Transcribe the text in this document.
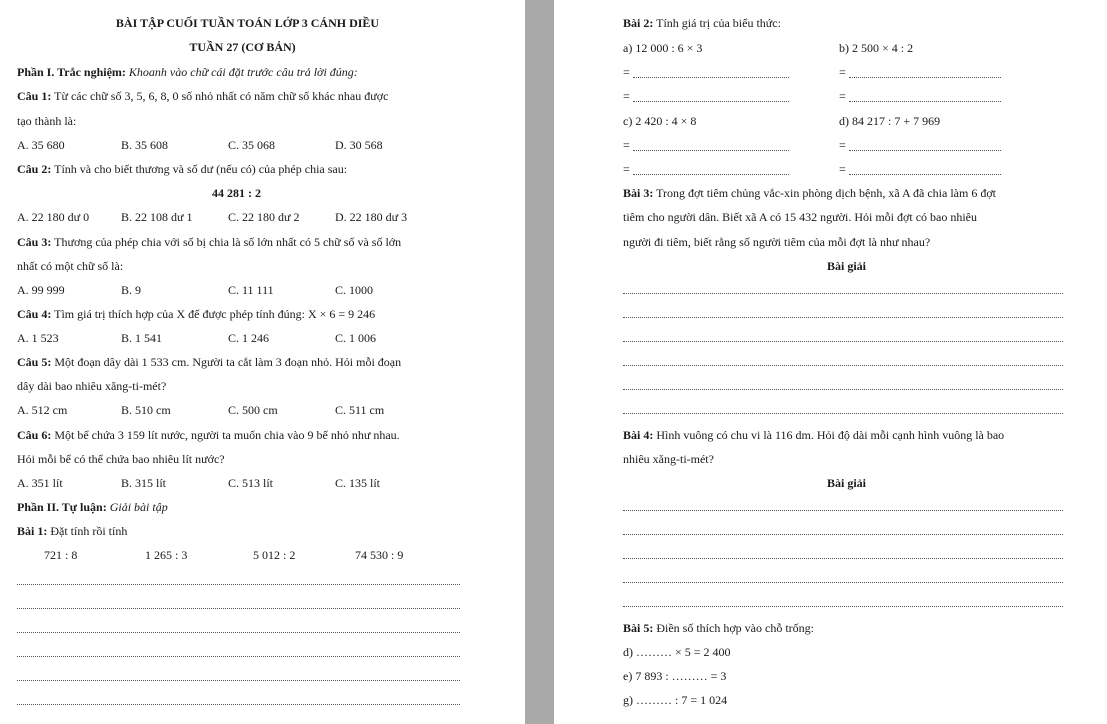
BÀI TẬP CUỐI TUẦN TOÁN LỚP 3 CÁNH DIỀU
TUẦN 27 (CƠ BẢN)
Phần I. Trắc nghiệm: Khoanh vào chữ cái đặt trước câu trả lời đúng:
Câu 1: Từ các chữ số 3, 5, 6, 8, 0 số nhỏ nhất có năm chữ số khác nhau được
tạo thành là:
A. 35 680	B. 35 608	C. 35 068	D. 30 568
Câu 2: Tính và cho biết thương và số dư (nếu có) của phép chia sau:
44 281 : 2
A. 22 180 dư 0	B. 22 108 dư 1	C. 22 180 dư 2	D. 22 180 dư 3
Câu 3: Thương của phép chia với số bị chia là số lớn nhất có 5 chữ số và số lớn
nhất có một chữ số là:
A. 99 999	B. 9	C. 11 111	C. 1000
Câu 4: Tìm giá trị thích hợp của X để được phép tính đúng: X × 6 = 9 246
A. 1 523	B. 1 541	C. 1 246	C. 1 006
Câu 5: Một đoạn dây dài 1 533 cm. Người ta cắt làm 3 đoạn nhỏ. Hỏi mỗi đoạn
dây dài bao nhiêu xăng-ti-mét?
A. 512 cm	B. 510 cm	C. 500 cm	C. 511 cm
Câu 6: Một bể chứa 3 159 lít nước, người ta muốn chia vào 9 bể nhỏ như nhau.
Hỏi mỗi bể có thể chứa bao nhiêu lít nước?
A. 351 lít	B. 315 lít	C. 513 lít	C. 135 lít
Phần II. Tự luận: Giải bài tập
Bài 1: Đặt tính rồi tính
721 : 8	1 265 : 3	5 012 : 2	74 530 : 9
Bài 2: Tính giá trị của biểu thức:
a) 12 000 : 6 × 3	b) 2 500 × 4 : 2
=	=
=	=
c) 2 420 : 4 × 8	d) 84 217 : 7 + 7 969
=	=
=	=
Bài 3: Trong đợt tiêm chủng vắc-xin phòng dịch bệnh, xã A đã chia làm 6 đợt
tiêm cho người dân. Biết xã A có 15 432 người. Hỏi mỗi đợt có bao nhiêu
người đi tiêm, biết rằng số người tiêm của mỗi đợt là như nhau?
Bài giải
Bài 4: Hình vuông có chu vi là 116 dm. Hỏi độ dài mỗi cạnh hình vuông là bao
nhiêu xăng-ti-mét?
Bài giải
Bài 5: Điền số thích hợp vào chỗ trống:
d) ……… × 5 = 2 400
e) 7 893 : ……… = 3
g) ……… : 7 = 1 024
